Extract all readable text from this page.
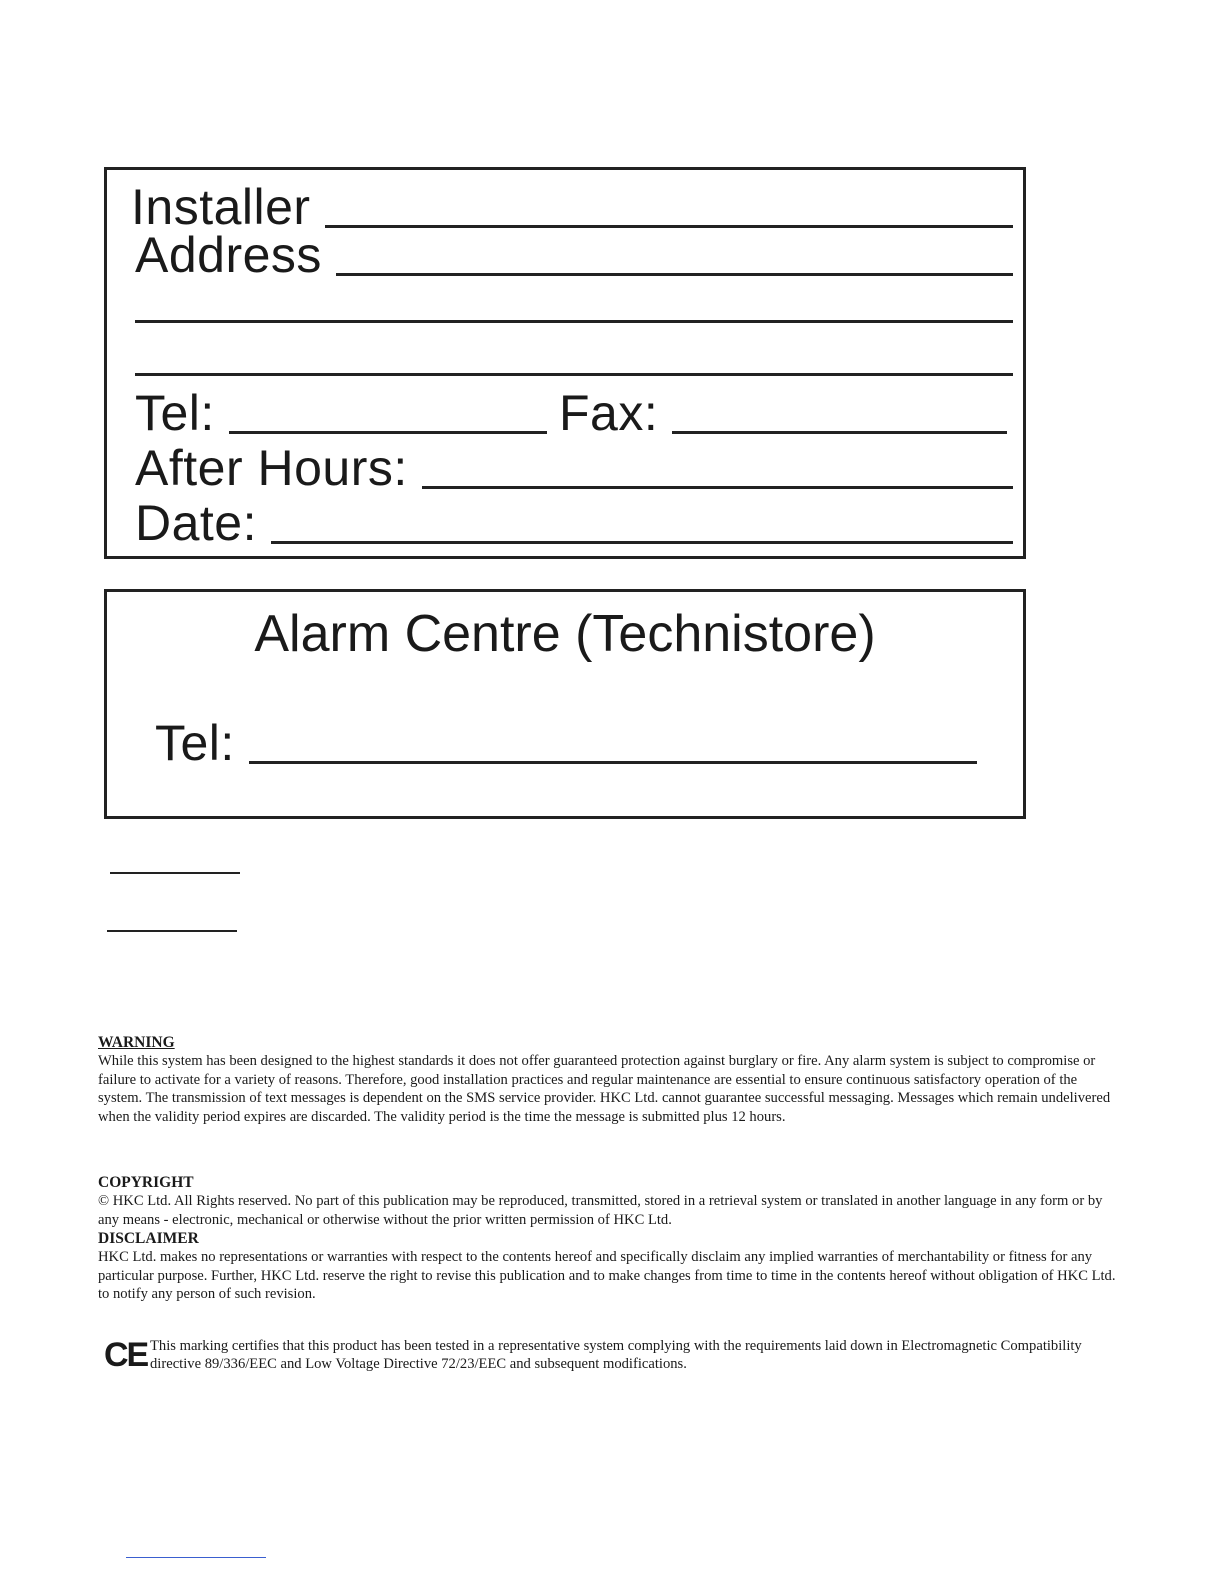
Installer
Address
Tel:	Fax:
After Hours:
Date:
Alarm Centre (Technistore)
Tel:
WARNING

While this system has been designed to the highest standards it does not offer guaranteed protection against burglary or fire. Any alarm system is subject to compromise or failure to activate for a variety of reasons. Therefore, good installation practices and regular maintenance are essential to ensure continuous satisfactory operation of the system. The transmission of text messages is dependent on the SMS service provider. HKC Ltd. cannot guarantee successful messaging. Messages which remain undelivered when the validity period expires are discarded. The validity period is the time the message is submitted plus 12 hours.

COPYRIGHT

© HKC Ltd. All Rights reserved. No part of this publication may be reproduced, transmitted, stored in a retrieval system or translated in another language in any form or by any means - electronic, mechanical or otherwise without the prior written permission of HKC Ltd.

DISCLAIMER

HKC Ltd. makes no representations or warranties with respect to the contents hereof and specifically disclaim any implied warranties of merchantability or fitness for any particular purpose. Further, HKC Ltd. reserve the right to revise this publication and to make changes from time to time in the contents hereof without obligation of HKC Ltd. to notify any person of such revision.

CE This marking certifies that this product has been tested in a representative system complying with the requirements laid down in Electromagnetic Compatibility directive 89/336/EEC and Low Voltage Directive 72/23/EEC and subsequent modifications.
